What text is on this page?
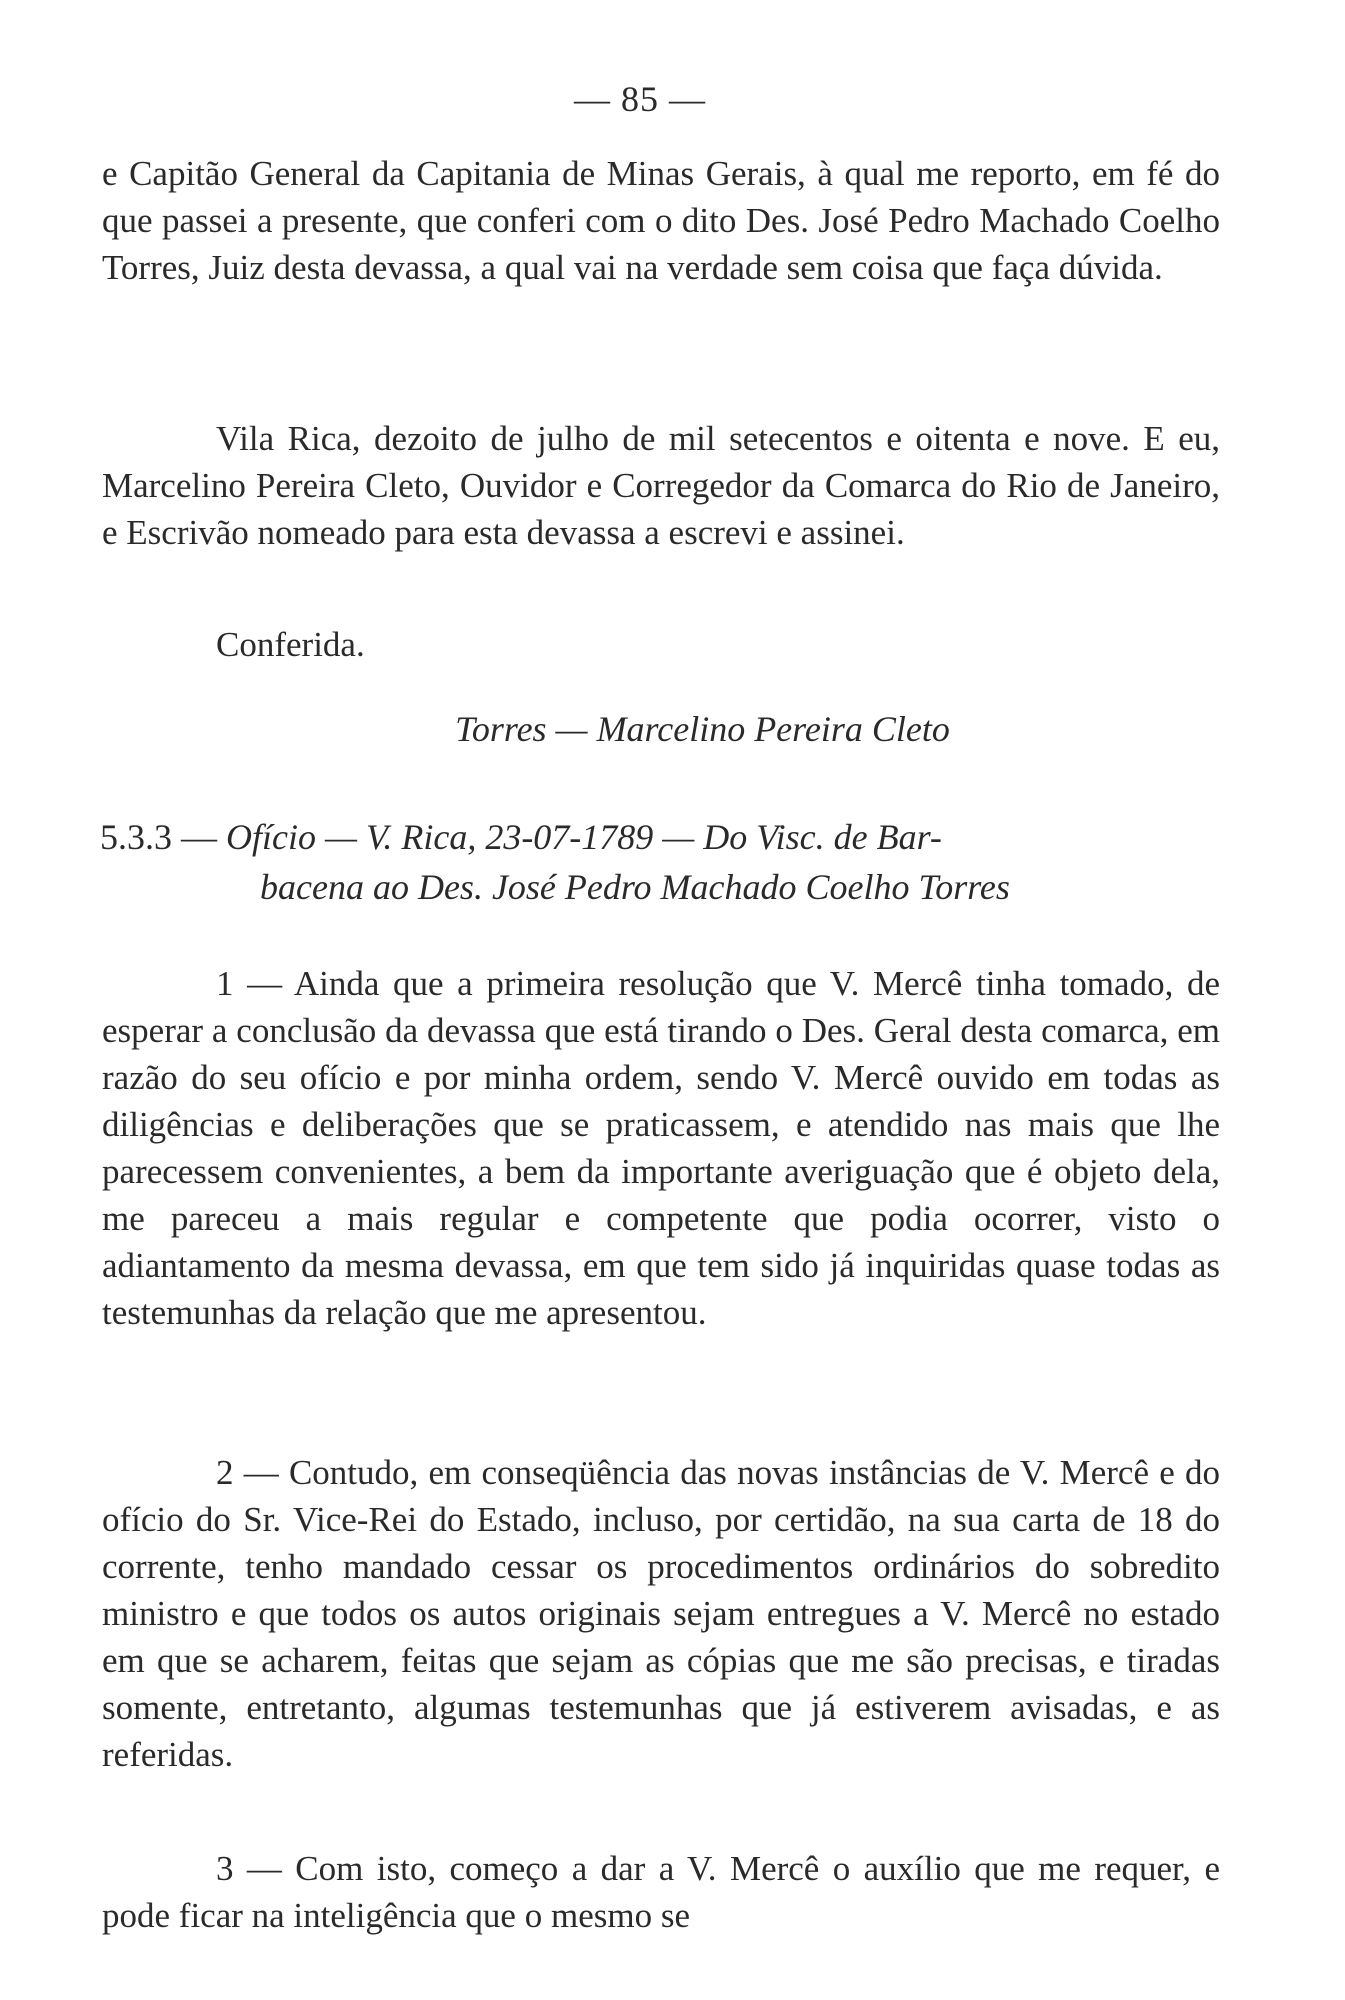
— 85 —

e Capitão General da Capitania de Minas Gerais, à qual me reporto, em fé do que passei a presente, que conferi com o dito Des. José Pedro Machado Coelho Torres, Juiz desta devassa, a qual vai na verdade sem coisa que faça dúvida.

Vila Rica, dezoito de julho de mil setecentos e oitenta e nove. E eu, Marcelino Pereira Cleto, Ouvidor e Corregedor da Comarca do Rio de Janeiro, e Escrivão nomeado para esta devassa a escrevi e assinei.

Conferida.
Torres — Marcelino Pereira Cleto
5.3.3 — Ofício — V. Rica, 23-07-1789 — Do Visc. de Bar-
bacena ao Des. José Pedro Machado Coelho Torres

1 — Ainda que a primeira resolução que V. Mercê tinha tomado, de esperar a conclusão da devassa que está tirando o Des. Geral desta comarca, em razão do seu ofício e por minha ordem, sendo V. Mercê ouvido em todas as diligências e deliberações que se praticassem, e atendido nas mais que lhe parecessem convenientes, a bem da importante averiguação que é objeto dela, me pareceu a mais regular e competente que podia ocorrer, visto o adiantamento da mesma devassa, em que tem sido já inquiridas quase todas as testemunhas da relação que me apresentou.

2 — Contudo, em conseqüência das novas instâncias de V. Mercê e do ofício do Sr. Vice-Rei do Estado, incluso, por certidão, na sua carta de 18 do corrente, tenho mandado cessar os procedimentos ordinários do sobredito ministro e que todos os autos originais sejam entregues a V. Mercê no estado em que se acharem, feitas que sejam as cópias que me são precisas, e tiradas somente, entretanto, algumas testemunhas que já estiverem avisadas, e as referidas.

3 — Com isto, começo a dar a V. Mercê o auxílio que me requer, e pode ficar na inteligência que o mesmo se
